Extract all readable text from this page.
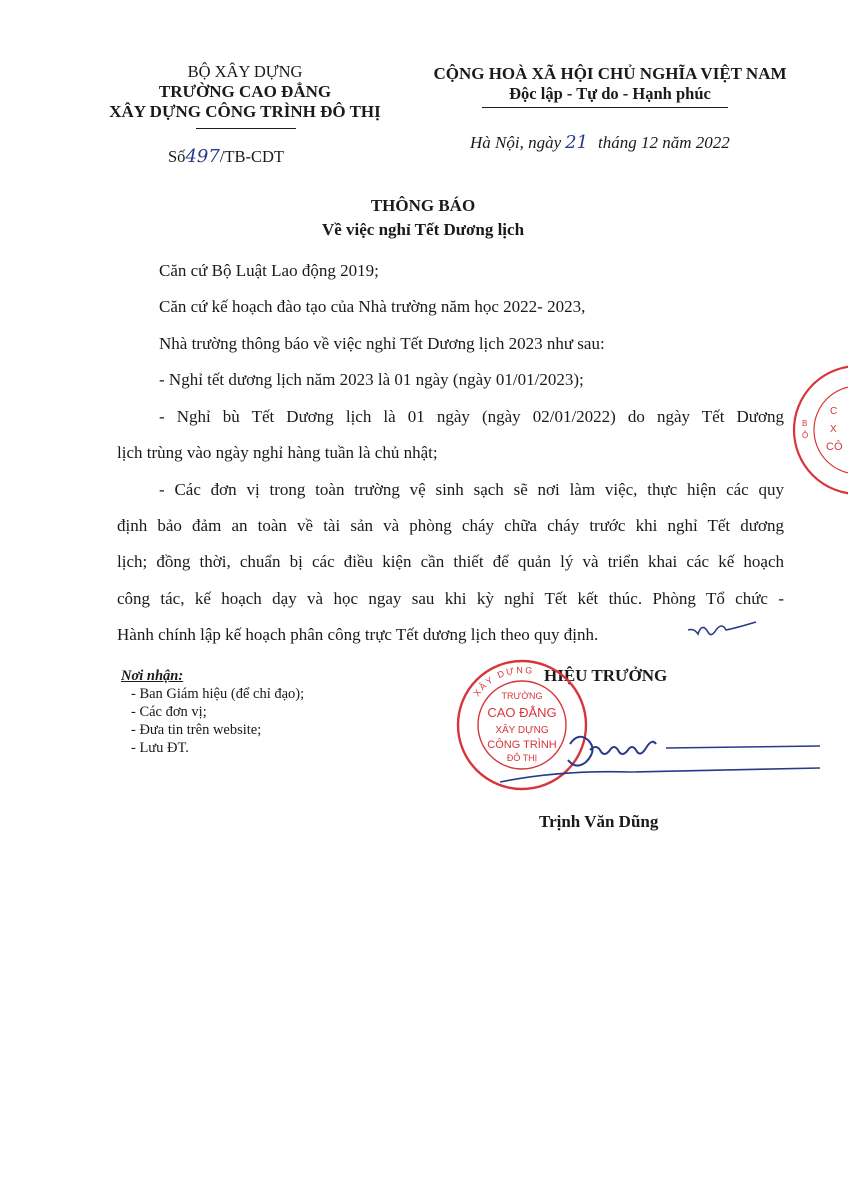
BỘ XÂY DỰNG
TRƯỜNG CAO ĐẲNG
XÂY DỰNG CÔNG TRÌNH ĐÔ THỊ
Số497/TB-CDT
CỘNG HOÀ XÃ HỘI CHỦ NGHĨA VIỆT NAM
Độc lập - Tự do - Hạnh phúc
Hà Nội, ngày 21 tháng 12 năm 2022
THÔNG BÁO
Về việc nghỉ Tết Dương lịch
Căn cứ Bộ Luật Lao động 2019;
Căn cứ kế hoạch đào tạo của Nhà trường năm học 2022- 2023,
Nhà trường thông báo về việc nghỉ Tết Dương lịch 2023 như sau:
- Nghỉ tết dương lịch năm 2023 là 01 ngày (ngày 01/01/2023);
- Nghỉ bù Tết Dương lịch là 01 ngày (ngày 02/01/2022) do ngày Tết Dương
lịch trùng vào ngày nghỉ hàng tuần là chủ nhật;
- Các đơn vị trong toàn trường vệ sinh sạch sẽ nơi làm việc, thực hiện các quy
định bảo đảm an toàn về tài sản và phòng cháy chữa cháy trước khi nghỉ Tết dương
lịch; đồng thời, chuẩn bị các điều kiện cần thiết để quản lý và triển khai các kế hoạch
công tác, kế hoạch dạy và học ngay sau khi kỳ nghỉ Tết kết thúc. Phòng Tổ chức -
Hành chính lập kế hoạch phân công trực Tết dương lịch theo quy định.
Nơi nhận:
- Ban Giám hiệu (để chỉ đạo);
- Các đơn vị;
- Đưa tin trên website;
- Lưu ĐT.
HIỆU TRƯỞNG
XÂY DỰNG
TRƯỜNG
CAO ĐẲNG
XÂY DỰNG
CÔNG TRÌNH
ĐÔ THỊ
Trịnh Văn Dũng
B
Ộ
C
X
CÔ
